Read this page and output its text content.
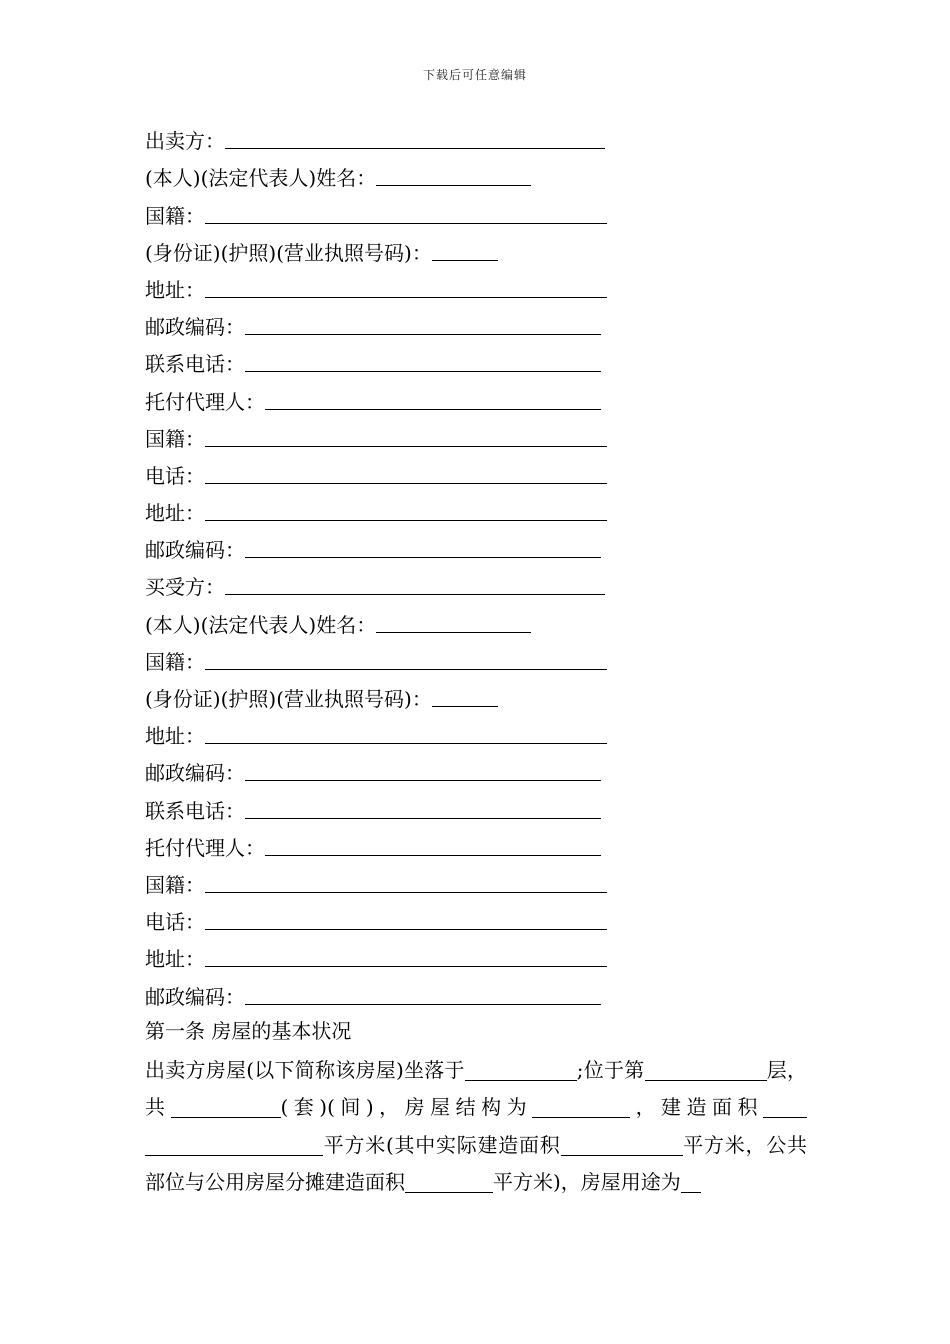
下载后可任意编辑
出卖方：
(本人)(法定代表人)姓名：
国籍：
(身份证)(护照)(营业执照号码)：
地址：
邮政编码：
联系电话：
托付代理人：
国籍：
电话：
地址：
邮政编码：
买受方：
(本人)(法定代表人)姓名：
国籍：
(身份证)(护照)(营业执照号码)：
地址：
邮政编码：
联系电话：
托付代理人：
国籍：
电话：
地址：
邮政编码：
第一条 房屋的基本状况
出卖方房屋(以下简称该房屋)坐落于	;位于第	层，共	(套)(间)，房屋结构为	，建造面积平方米(其中实际建造面积	平方米，公共部位与公用房屋分摊建造面积	平方米)，房屋用途为
